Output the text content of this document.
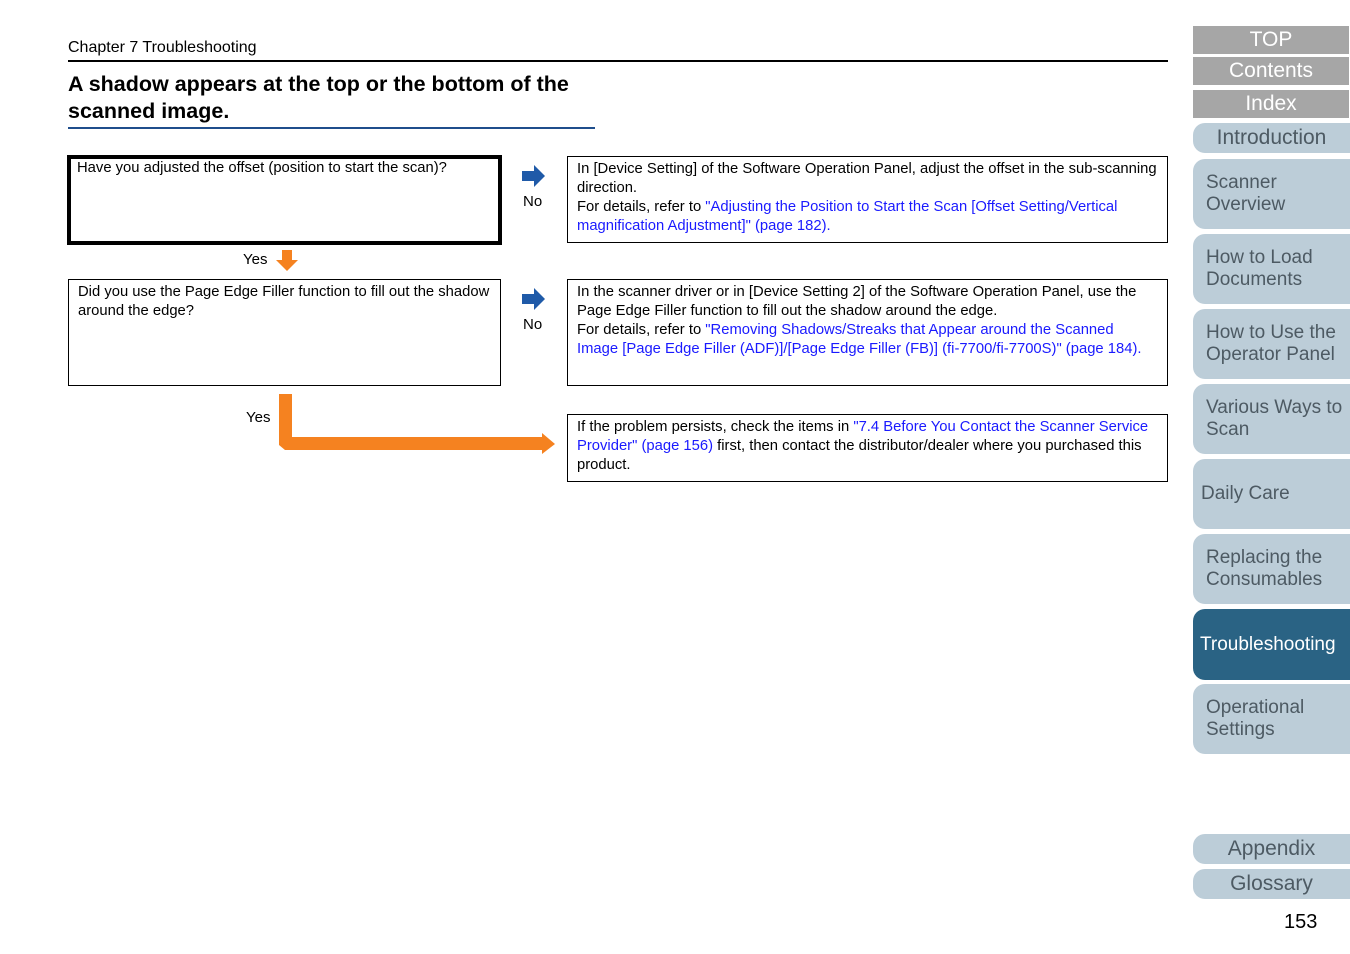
Chapter 7 Troubleshooting
A shadow appears at the top or the bottom of the
scanned image.

Have you adjusted the offset (position to start the scan)?

No

In [Device Setting] of the Software Operation Panel, adjust the offset in the sub-scanning direction.

For details, refer to "Adjusting the Position to Start the Scan [Offset Setting/Vertical magnification Adjustment]" (page 182).

Yes

Did you use the Page Edge Filler function to fill out the shadow around the edge?

No

In the scanner driver or in [Device Setting 2] of the Software Operation Panel, use the Page Edge Filler function to fill out the shadow around the edge.

For details, refer to "Removing Shadows/Streaks that Appear around the Scanned Image [Page Edge Filler (ADF)]/[Page Edge Filler (FB)] (fi-7700/fi-7700S)" (page 184).

Yes

If the problem persists, check the items in "7.4 Before You Contact the Scanner Service Provider" (page 156) first, then contact the distributor/dealer where you purchased this product.

TOP
Contents
Index
Introduction
Scanner Overview
How to Load Documents
How to Use the Operator Panel
Various Ways to Scan
Daily Care
Replacing the Consumables
Troubleshooting
Operational Settings
Appendix
Glossary
153
